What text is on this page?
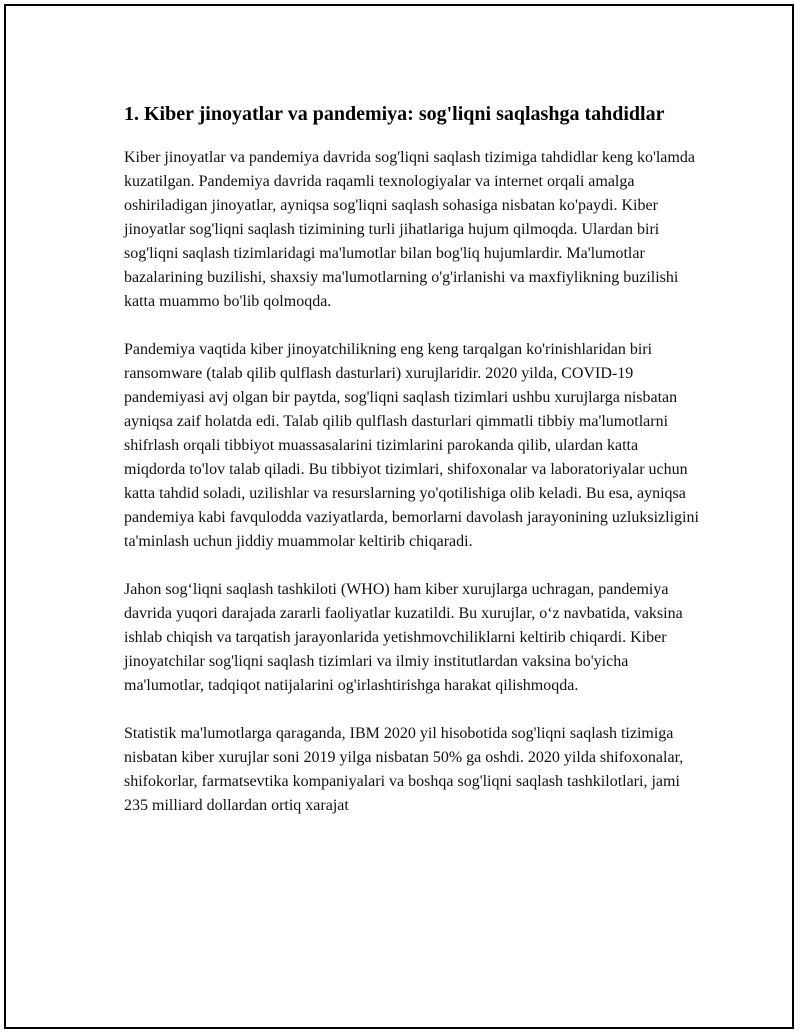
1. Kiber jinoyatlar va pandemiya: sog'liqni saqlashga tahdidlar

Kiber jinoyatlar va pandemiya davrida sog'liqni saqlash tizimiga tahdidlar keng ko'lamda kuzatilgan. Pandemiya davrida raqamli texnologiyalar va internet orqali amalga oshiriladigan jinoyatlar, ayniqsa sog'liqni saqlash sohasiga nisbatan ko'paydi. Kiber jinoyatlar sog'liqni saqlash tizimining turli jihatlariga hujum qilmoqda. Ulardan biri sog'liqni saqlash tizimlaridagi ma'lumotlar bilan bog'liq hujumlardir. Ma'lumotlar bazalarining buzilishi, shaxsiy ma'lumotlarning o'g'irlanishi va maxfiylikning buzilishi katta muammo bo'lib qolmoqda.

Pandemiya vaqtida kiber jinoyatchilikning eng keng tarqalgan ko'rinishlaridan biri ransomware (talab qilib qulflash dasturlari) xurujlaridir. 2020 yilda, COVID-19 pandemiyasi avj olgan bir paytda, sog'liqni saqlash tizimlari ushbu xurujlarga nisbatan ayniqsa zaif holatda edi. Talab qilib qulflash dasturlari qimmatli tibbiy ma'lumotlarni shifrlash orqali tibbiyot muassasalarini tizimlarini parokanda qilib, ulardan katta miqdorda to'lov talab qiladi. Bu tibbiyot tizimlari, shifoxonalar va laboratoriyalar uchun katta tahdid soladi, uzilishlar va resurslarning yo'qotilishiga olib keladi. Bu esa, ayniqsa pandemiya kabi favqulodda vaziyatlarda, bemorlarni davolash jarayonining uzluksizligini ta'minlash uchun jiddiy muammolar keltirib chiqaradi.

Jahon sog‘liqni saqlash tashkiloti (WHO) ham kiber xurujlarga uchragan, pandemiya davrida yuqori darajada zararli faoliyatlar kuzatildi. Bu xurujlar, o‘z navbatida, vaksina ishlab chiqish va tarqatish jarayonlarida yetishmovchiliklarni keltirib chiqardi. Kiber jinoyatchilar sog'liqni saqlash tizimlari va ilmiy institutlardan vaksina bo'yicha ma'lumotlar, tadqiqot natijalarini og'irlashtirishga harakat qilishmoqda.

Statistik ma'lumotlarga qaraganda, IBM 2020 yil hisobotida sog'liqni saqlash tizimiga nisbatan kiber xurujlar soni 2019 yilga nisbatan 50% ga oshdi. 2020 yilda shifoxonalar, shifokorlar, farmatsevtika kompaniyalari va boshqa sog'liqni saqlash tashkilotlari, jami 235 milliard dollardan ortiq xarajat
